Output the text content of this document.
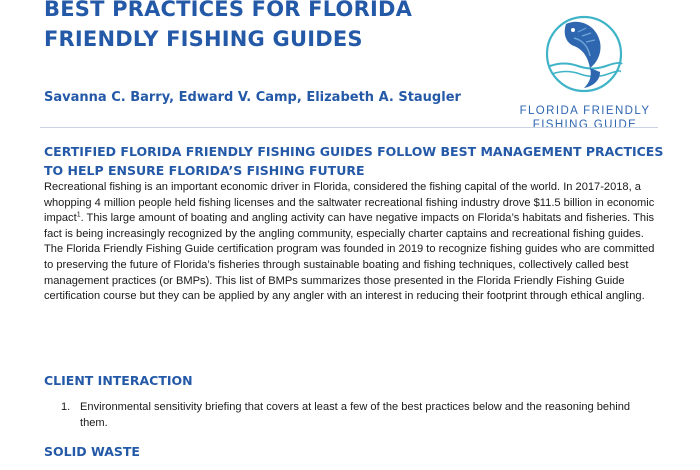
BEST PRACTICES FOR FLORIDA
FRIENDLY FISHING GUIDES

Savanna C. Barry, Edward V. Camp, Elizabeth A. Staugler

FLORIDA FRIENDLY
FISHING GUIDE
CERTIFIED FLORIDA FRIENDLY FISHING GUIDES FOLLOW BEST MANAGEMENT PRACTICES
TO HELP ENSURE FLORIDA’S FISHING FUTURE

Recreational fishing is an important economic driver in Florida, considered the fishing capital of the world. In 2017-2018, a whopping 4 million people held fishing licenses and the saltwater recreational fishing industry drove $11.5 billion in economic impact$^1$. This large amount of boating and angling activity can have negative impacts on Florida’s habitats and fisheries. This fact is being increasingly recognized by the angling community, especially charter captains and recreational fishing guides. The Florida Friendly Fishing Guide certification program was founded in 2019 to recognize fishing guides who are committed to preserving the future of Florida’s fisheries through sustainable boating and fishing techniques, collectively called best management practices (or BMPs). This list of BMPs summarizes those presented in the Florida Friendly Fishing Guide certification course but they can be applied by any angler with an interest in reducing their footprint through ethical angling.

CLIENT INTERACTION
1. Environmental sensitivity briefing that covers at least a few of the best practices below and the reasoning behind them.
SOLID WASTE
